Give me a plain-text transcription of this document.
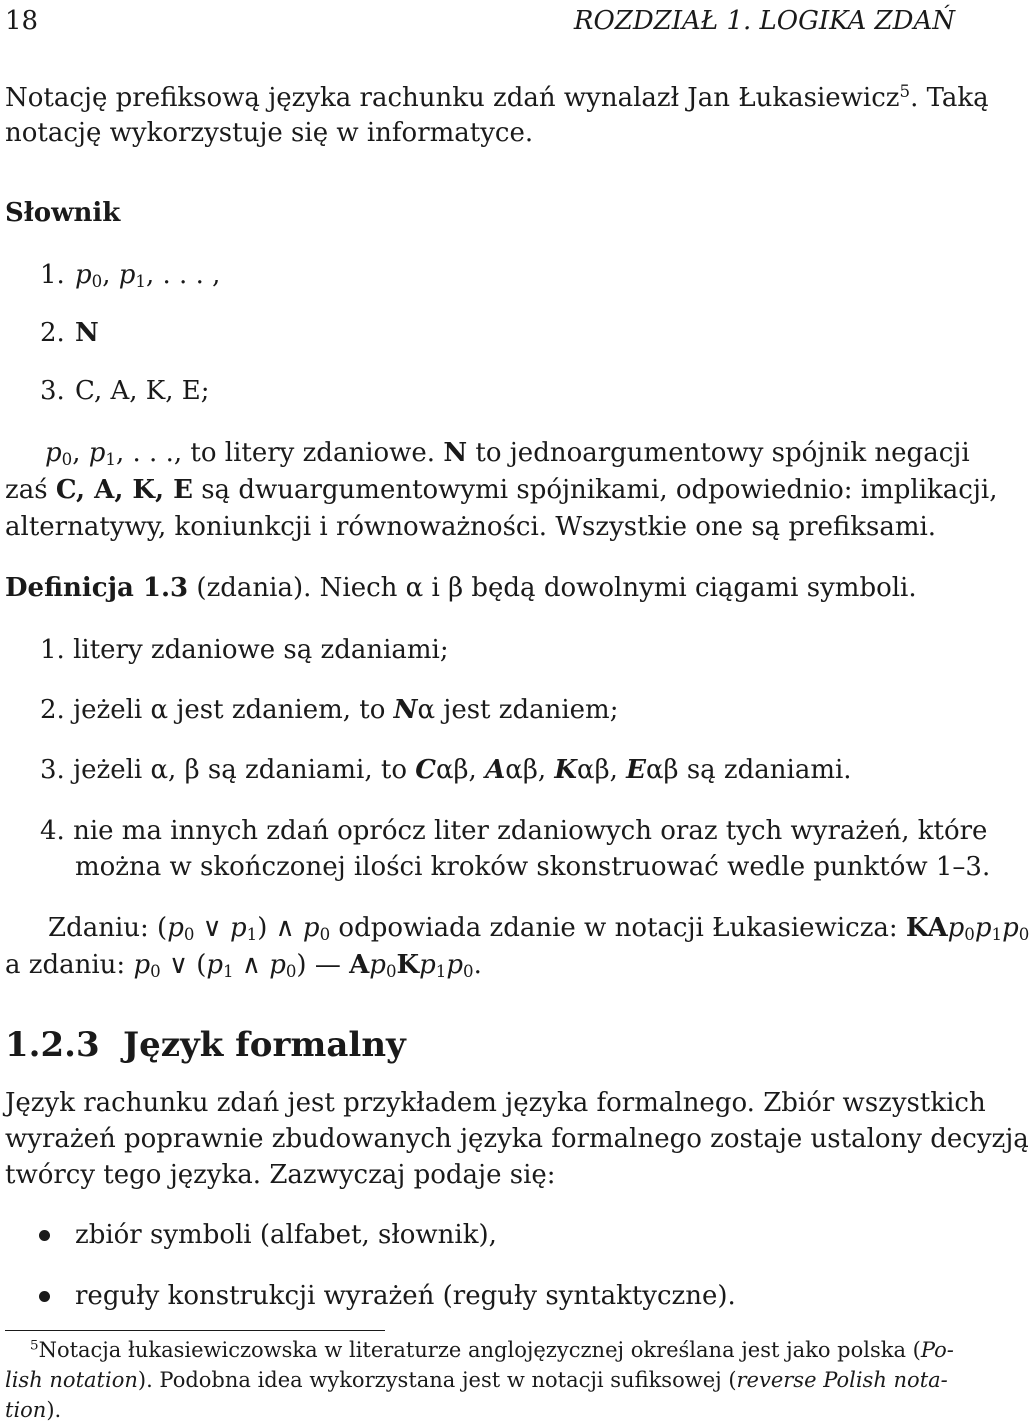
18	ROZDZIAŁ 1. LOGIKA ZDAŃ
Notację prefiksową języka rachunku zdań wynalazł Jan Łukasiewicz$^5$. Taką
notację wykorzystuje się w informatyce.
Słownik
1. $p_0$, $p_1$, . . . ,
2. N
3. C, A, K, E;
$p_0$, $p_1$, . . ., to litery zdaniowe. N to jednoargumentowy spójnik negacji
zaś C, A, K, E są dwuargumentowymi spójnikami, odpowiednio: implikacji,
alternatywy, koniunkcji i równoważności. Wszystkie one są prefiksami.
Definicja 1.3 (zdania). Niech α i β będą dowolnymi ciągami symboli.
1. litery zdaniowe są zdaniami;
2. jeżeli α jest zdaniem, to Nα jest zdaniem;
3. jeżeli α, β są zdaniami, to Cαβ, Aαβ, Kαβ, Eαβ są zdaniami.
4. nie ma innych zdań oprócz liter zdaniowych oraz tych wyrażeń, które
można w skończonej ilości kroków skonstruować wedle punktów 1–3.
Zdaniu: ($p_0$ ∨ $p_1$) ∧ $p_0$ odpowiada zdanie w notacji Łukasiewicza: $KAp_0p_1p_0$
a zdaniu: $p_0$ ∨ ($p_1$ ∧ $p_0$) — $Ap_0Kp_1p_0$.
1.2.3 Język formalny
Język rachunku zdań jest przykładem języka formalnego. Zbiór wszystkich
wyrażeń poprawnie zbudowanych języka formalnego zostaje ustalony decyzją
twórcy tego języka. Zazwyczaj podaje się:
zbiór symboli (alfabet, słownik),
reguły konstrukcji wyrażeń (reguły syntaktyczne).
$^5$Notacja łukasiewiczowska w literaturze anglojęzycznej określana jest jako polska (Po-
lish notation). Podobna idea wykorzystana jest w notacji sufiksowej (reverse Polish nota-
tion).
